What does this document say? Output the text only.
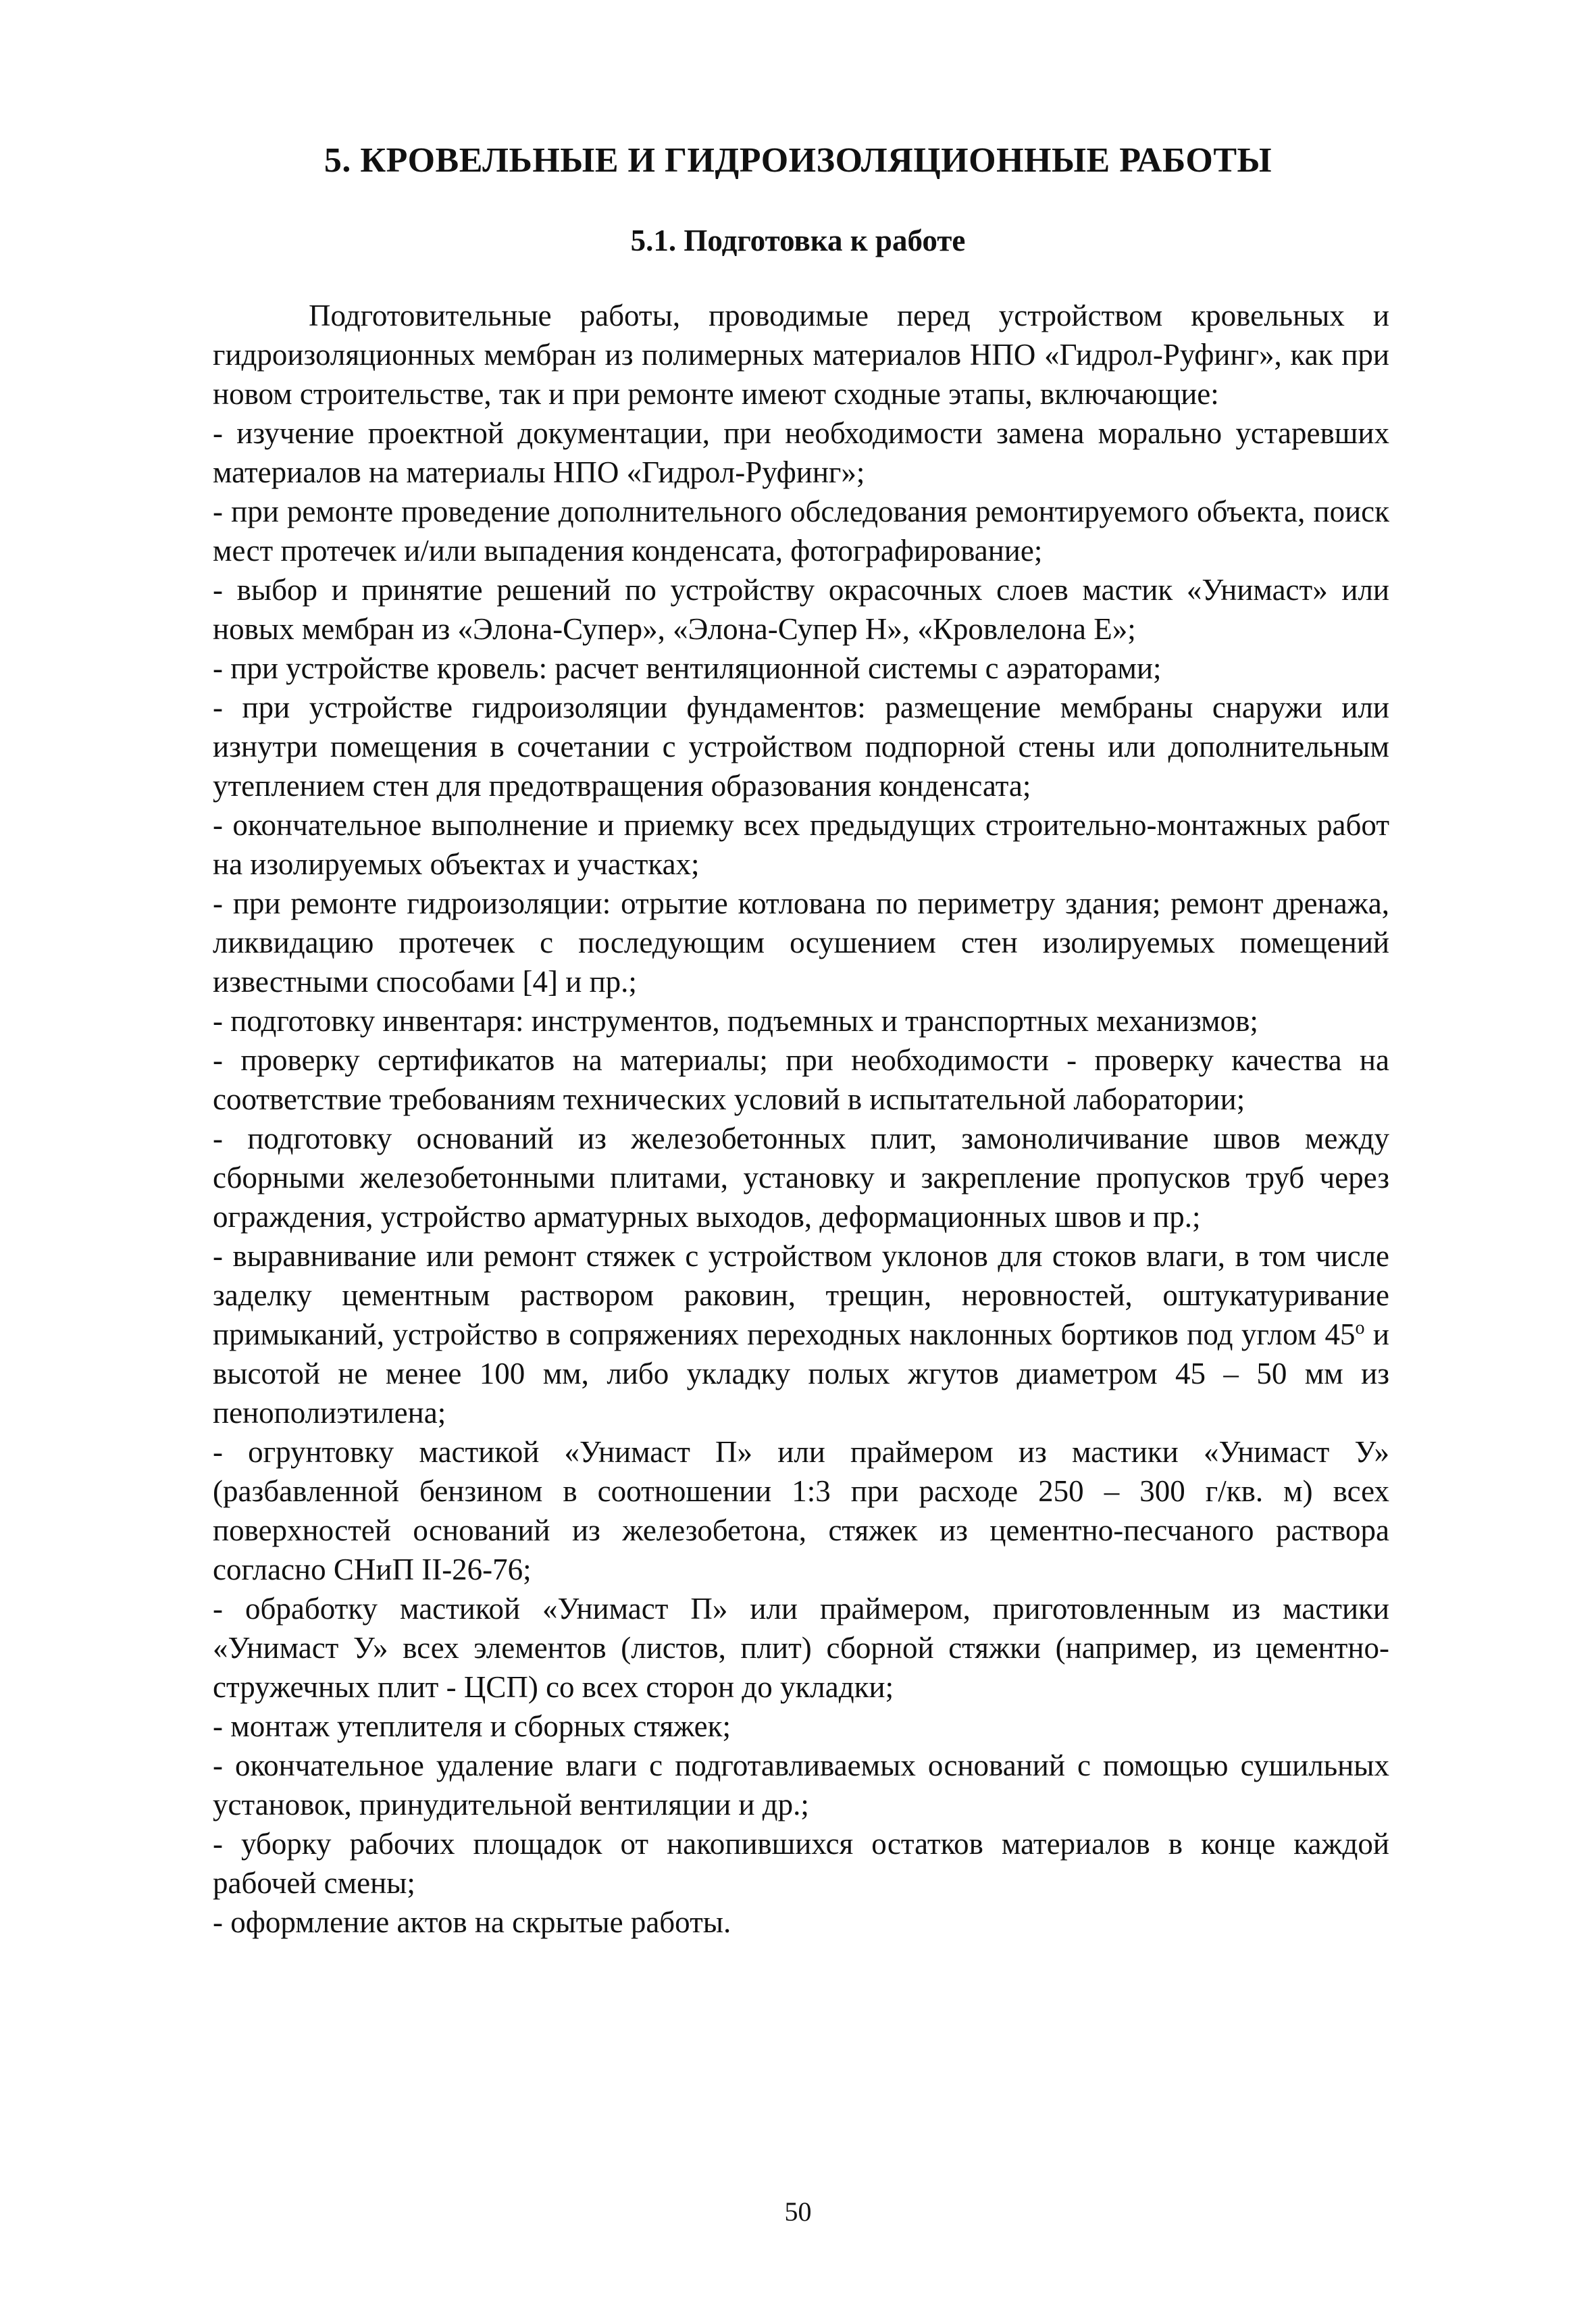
5. КРОВЕЛЬНЫЕ И ГИДРОИЗОЛЯЦИОННЫЕ РАБОТЫ
5.1. Подготовка к работе

Подготовительные работы, проводимые перед устройством кровельных и гидроизоляционных мембран из полимерных материалов НПО «Гидрол-Руфинг», как при новом строительстве, так и при ремонте имеют сходные этапы, включающие:

- изучение проектной документации, при необходимости замена морально устаревших материалов на материалы НПО «Гидрол-Руфинг»;
- при ремонте проведение дополнительного обследования ремонтируемого объекта, поиск мест протечек и/или выпадения конденсата, фотографирование;
- выбор и принятие решений по устройству окрасочных слоев мастик «Унимаст» или новых мембран из «Элона-Супер», «Элона-Супер Н», «Кровлелона Е»;
- при устройстве кровель: расчет вентиляционной системы с аэраторами;
- при устройстве гидроизоляции фундаментов: размещение мембраны снаружи или изнутри помещения в сочетании с устройством подпорной стены или дополнительным утеплением стен для предотвращения образования конденсата;
- окончательное выполнение и приемку всех предыдущих строительно-монтажных работ на изолируемых объектах и участках;
- при ремонте гидроизоляции: отрытие котлована по периметру здания; ремонт дренажа, ликвидацию протечек с последующим осушением стен изолируемых помещений известными способами [4] и пр.;
- подготовку инвентаря: инструментов, подъемных и транспортных механизмов;
- проверку сертификатов на материалы; при необходимости - проверку качества на соответствие требованиям технических условий в испытательной лаборатории;
- подготовку оснований из железобетонных плит, замоноличивание швов между сборными железобетонными плитами, установку и закрепление пропусков труб через ограждения, устройство арматурных выходов, деформационных швов и пр.;
- выравнивание или ремонт стяжек с устройством уклонов для стоков влаги, в том числе заделку цементным раствором раковин, трещин, неровностей, оштукатуривание примыканий, устройство в сопряжениях переходных наклонных бортиков под углом 45$^o$ и высотой не менее 100 мм, либо укладку полых жгутов диаметром 45 – 50 мм из пенополиэтилена;
- огрунтовку мастикой «Унимаст П» или праймером из мастики «Унимаст У» (разбавленной бензином в соотношении 1:3 при расходе 250 – 300 г/кв. м) всех поверхностей оснований из железобетона, стяжек из цементно-песчаного раствора согласно СНиП II-26-76;
- обработку мастикой «Унимаст П» или праймером, приготовленным из мастики «Унимаст У» всех элементов (листов, плит) сборной стяжки (например, из цементно-стружечных плит - ЦСП) со всех сторон до укладки;
- монтаж утеплителя и сборных стяжек;
- окончательное удаление влаги с подготавливаемых оснований с помощью сушильных установок, принудительной вентиляции и др.;
- уборку рабочих площадок от накопившихся остатков материалов в конце каждой рабочей смены;
- оформление актов на скрытые работы.
50
